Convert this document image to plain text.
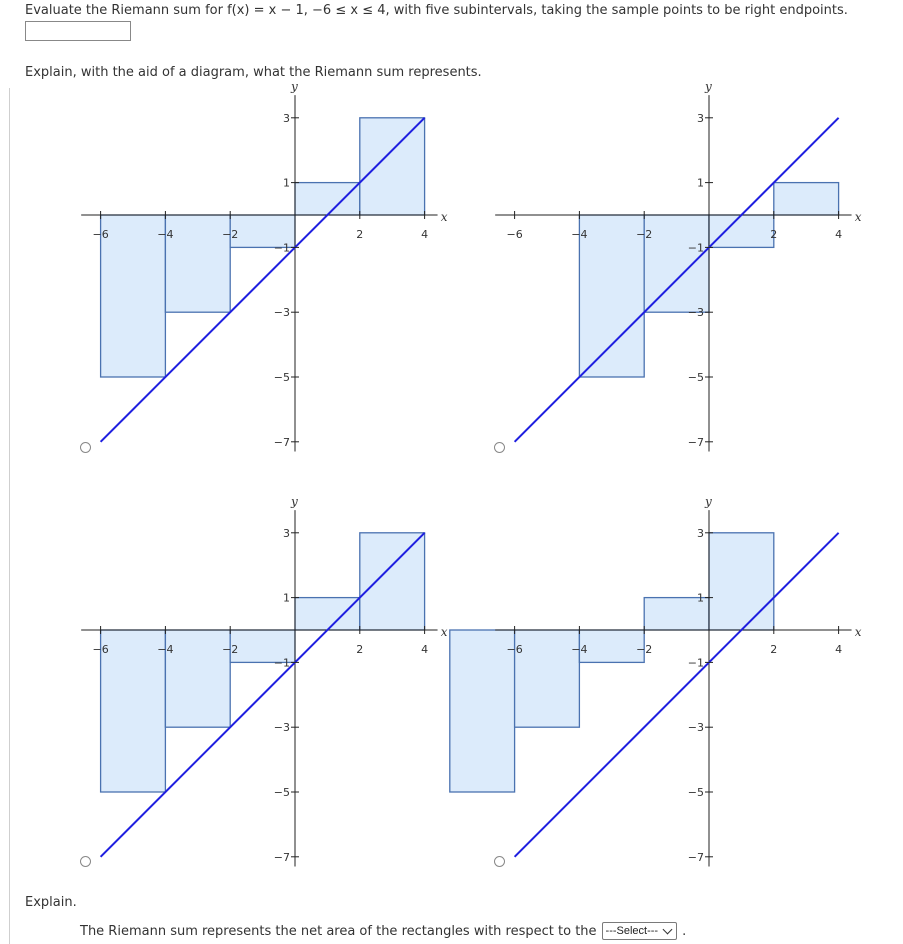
Evaluate the Riemann sum for f(x) = x − 1, −6 ≤ x ≤ 4, with five subintervals, taking the sample points to be right endpoints.
Explain, with the aid of a diagram, what the Riemann sum represents.
−6	−4	−2	2	4
3
1
−1
−3
−5
−7
x
y
−6	−4	−2	2	4
3
1
−1
−3
−5
−7
x
y
−6	−4	−2	2	4
3
1
−1
−3
−5
−7
x
y
−6	−4	−2	2	4
3
1
−1
−3
−5
−7
x
y
Explain.
The Riemann sum represents the net area of the rectangles with respect to the ---Select--- .
